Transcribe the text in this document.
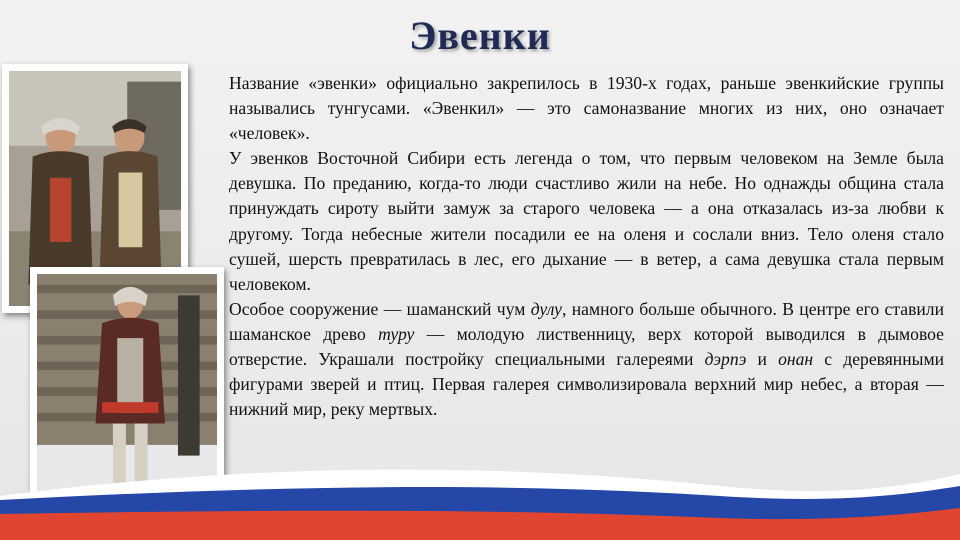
Эвенки

Название «эвенки» официально закрепилось в 1930-х годах, раньше эвенкийские группы назывались тунгусами. «Эвенкил» — это самоназвание многих из них, оно означает «человек».

У эвенков Восточной Сибири есть легенда о том, что первым человеком на Земле была девушка. По преданию, когда-то люди счастливо жили на небе. Но однажды община стала принуждать сироту выйти замуж за старого человека — а она отказалась из-за любви к другому. Тогда небесные жители посадили ее на оленя и сослали вниз. Тело оленя стало сушей, шерсть превратилась в лес, его дыхание — в ветер, а сама девушка стала первым человеком.

Особое сооружение — шаманский чум дулу, намного больше обычного. В центре его ставили шаманское древо туру — молодую лиственницу, верх которой выводился в дымовое отверстие. Украшали постройку специальными галереями дэрпэ и онан с деревянными фигурами зверей и птиц. Первая галерея символизировала верхний мир небес, а вторая — нижний мир, реку мертвых.
